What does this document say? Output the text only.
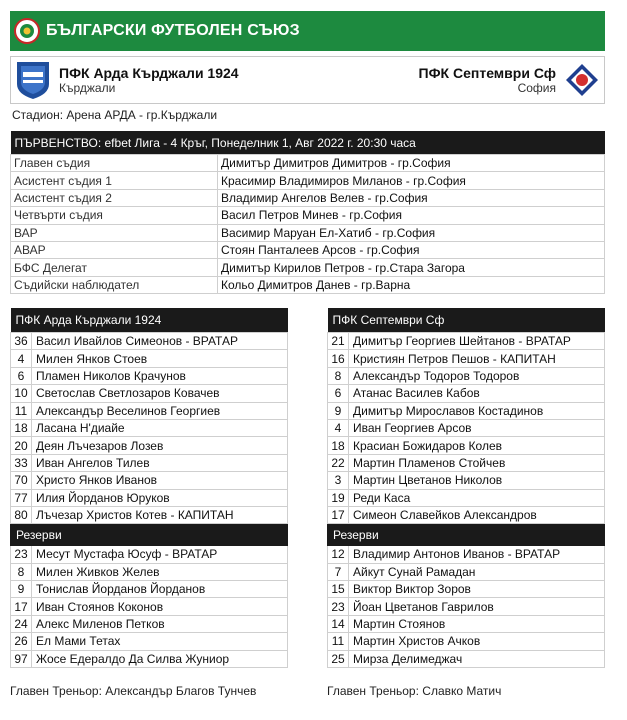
БЪЛГАРСКИ ФУТБОЛЕН СЪЮЗ
ПФК Арда Кърджали 1924
Кърджали
ПФК Септември Сф
София
Стадион: Арена АРДА - гр.Кърджали
ПЪРВЕНСТВО: efbet Лига - 4 Кръг, Понеделник 1, Авг 2022 г. 20:30 часа	
Главен съдия	Димитър Димитров Димитров - гр.София
Асистент съдия 1	Красимир Владимиров Миланов - гр.София
Асистент съдия 2	Владимир Ангелов Велев - гр.София
Четвърти съдия	Васил Петров Минев - гр.София
ВАР	Васимир Маруан Ел-Хатиб - гр.София
АВАР	Стоян Панталеев Арсов - гр.София
БФС Делегат	Димитър Кирилов Петров - гр.Стара Загора
Съдийски наблюдател	Кольо Димитров Данев - гр.Варна
ПФК Арда Кърджали 1924	
36	Васил Ивайлов Симеонов - ВРАТАР
4	Милен Янков Стоев
6	Пламен Николов Крачунов
10	Светослав Светлозаров Ковачев
11	Александър Веселинов Георгиев
18	Ласана Н'диайе
20	Деян Лъчезаров Лозев
33	Иван Ангелов Тилев
70	Христо Янков Иванов
77	Илия Йорданов Юруков
80	Лъчезар Христов Котев - КАПИТАН
Резерви	
23	Месут Мустафа Юсуф - ВРАТАР
8	Милен Живков Желев
9	Тонислав Йорданов Йорданов
17	Иван Стоянов Коконов
24	Алекс Миленов Петков
26	Ел Мами Тетах
97	Жосе Едералдо Да Силва Жуниор
ПФК Септември Сф	
21	Димитър Георгиев Шейтанов - ВРАТАР
16	Кристиян Петров Пешов - КАПИТАН
8	Александър Тодоров Тодоров
6	Атанас Василев Кабов
9	Димитър Мирославов Костадинов
4	Иван Георгиев Арсов
18	Красиан Божидаров Колев
22	Мартин Пламенов Стойчев
3	Мартин Цветанов Николов
19	Реди Каса
17	Симеон Славейков Александров
Резерви	
12	Владимир Антонов Иванов - ВРАТАР
7	Айкут Сунай Рамадан
15	Виктор Виктор Зоров
23	Йоан Цветанов Гаврилов
14	Мартин Стоянов
11	Мартин Христов Ачков
25	Мирза Делимеджач
Главен Треньор: Александър Благов Тунчев	Главен Треньор: Славко Матич
